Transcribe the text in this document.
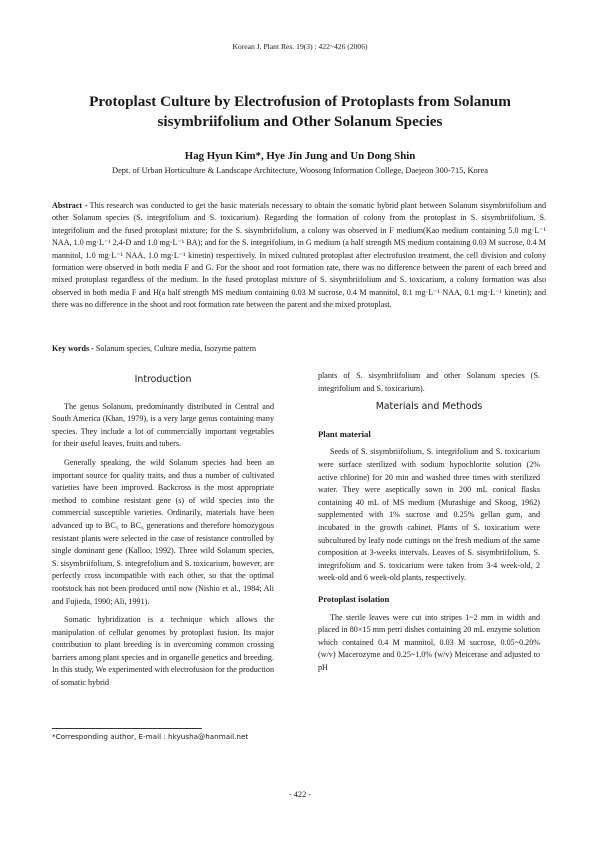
Korean J. Plant Res. 19(3) : 422~426 (2006)
Protoplast Culture by Electrofusion of Protoplasts from Solanum
sisymbriifolium and Other Solanum Species
Hag Hyun Kim*, Hye Jin Jung and Un Dong Shin
Dept. of Urban Horticulture & Landscape Architecture, Woosong Information College, Daejeon 300-715, Korea
Abstract - This research was conducted to get the basic materials necessary to obtain the somatic hybrid plant between Solanum sisymbriifolium and other Solanum species (S. integrifolium and S. toxicarium). Regarding the formation of colony from the protoplast in S. sisymbriifolium, S. integrifolium and the fused protoplast mixture; for the S. sisymbriifolium, a colony was observed in F medium(Kao medium containing 5.0 mg·L⁻¹ NAA, 1.0 mg·L⁻¹ 2,4-D and 1.0 mg·L⁻¹ BA); and for the S. integrifolium, in G medium (a half strength MS medium containing 0.03 M sucrose, 0.4 M mannitol, 1.0 mg·L⁻¹ NAA, 1.0 mg·L⁻¹ kinetin) respectively. In mixed cultured protoplast after electrofusion treatment, the cell division and colony formation were observed in both media F and G. For the shoot and root formation rate, there was no difference between the parent of each breed and mixed protoplast regardless of the medium. In the fused protoplast mixture of S. sisymbriifolium and S. toxicarium, a colony formation was also observed in both media F and H(a half strength MS medium containing 0.03 M sucrose, 0.4 M mannitol, 0.1 mg·L⁻¹ NAA, 0.1 mg·L⁻¹ kinetin); and there was no difference in the shoot and root formation rate between the parent and the mixed protoplast.
Key words - Solanum species, Culture media, Isozyme pattern
Introduction

The genus Solanum, predominantly distributed in Central and South America (Khan, 1979), is a very large genus containing many species. They include a lot of commercially important vegetables for their useful leaves, fruits and tubers.

Generally speaking, the wild Solanum species had been an important source for quality traits, and thus a number of cultivated varieties have been improved. Backcross is the most appropriate method to combine resistant gene (s) of wild species into the commercial susceptible varieties. Ordinarily, materials have been advanced up to BC₅ to BC₆ generations and therefore homozygous resistant plants were selected in the case of resistance controlled by single dominant gene (Kalloo, 1992). Three wild Solanum species, S. sisymbriifolium, S. integrefolium and S. toxicarium, however, are perfectly cross incompatible with each other, so that the optimal rootstock has not been produced until now (Nishio et al., 1984; Ali and Fujieda, 1990; Ali, 1991).

Somatic hybridization is a technique which allows the manipulation of cellular genomes by protoplast fusion. Its major contribution to plant breeding is in overcoming common crossing barriers among plant species and in organelle genetics and breeding. In this study, We experimented with electrofusion for the production of somatic hybrid

plants of S. sisymbriifolium and other Solanum species (S. integrifolium and S. toxicarium).

Materials and Methods
Plant material

Seeds of S. sisymbriifolium, S. integrifolium and S. toxicarium were surface sterilized with sodium hypochlorite solution (2% active chlorine) for 20 min and washed three times with sterilized water. They were aseptically sown in 200 mL conical flasks containing 40 mL of MS medium (Murashige and Skoog, 1962) supplemented with 1% sucrose and 0.25% gellan gum, and incubated in the growth cabinet. Plants of S. toxicarium were subcultured by leafy node cuttings on the fresh medium of the same composition at 3-weeks intervals. Leaves of S. sisymbriifolium, S. integrifolium and S. toxicarium were taken from 3-4 week-old, 2 week-old and 6 week-old plants, respectively.

Protoplast isolation

The sterile leaves were cut into stripes 1~2 mm in width and placed in 80×15 mm petri dishes containing 20 mL enzyme solution which contained 0.4 M mannitol, 0.03 M sucrose, 0.05~0.20% (w/v) Macerozyme and 0.25~1.0% (w/v) Meicerase and adjusted to pH

*Corresponding author, E-mail : hkyusha@hanmail.net
- 422 -
